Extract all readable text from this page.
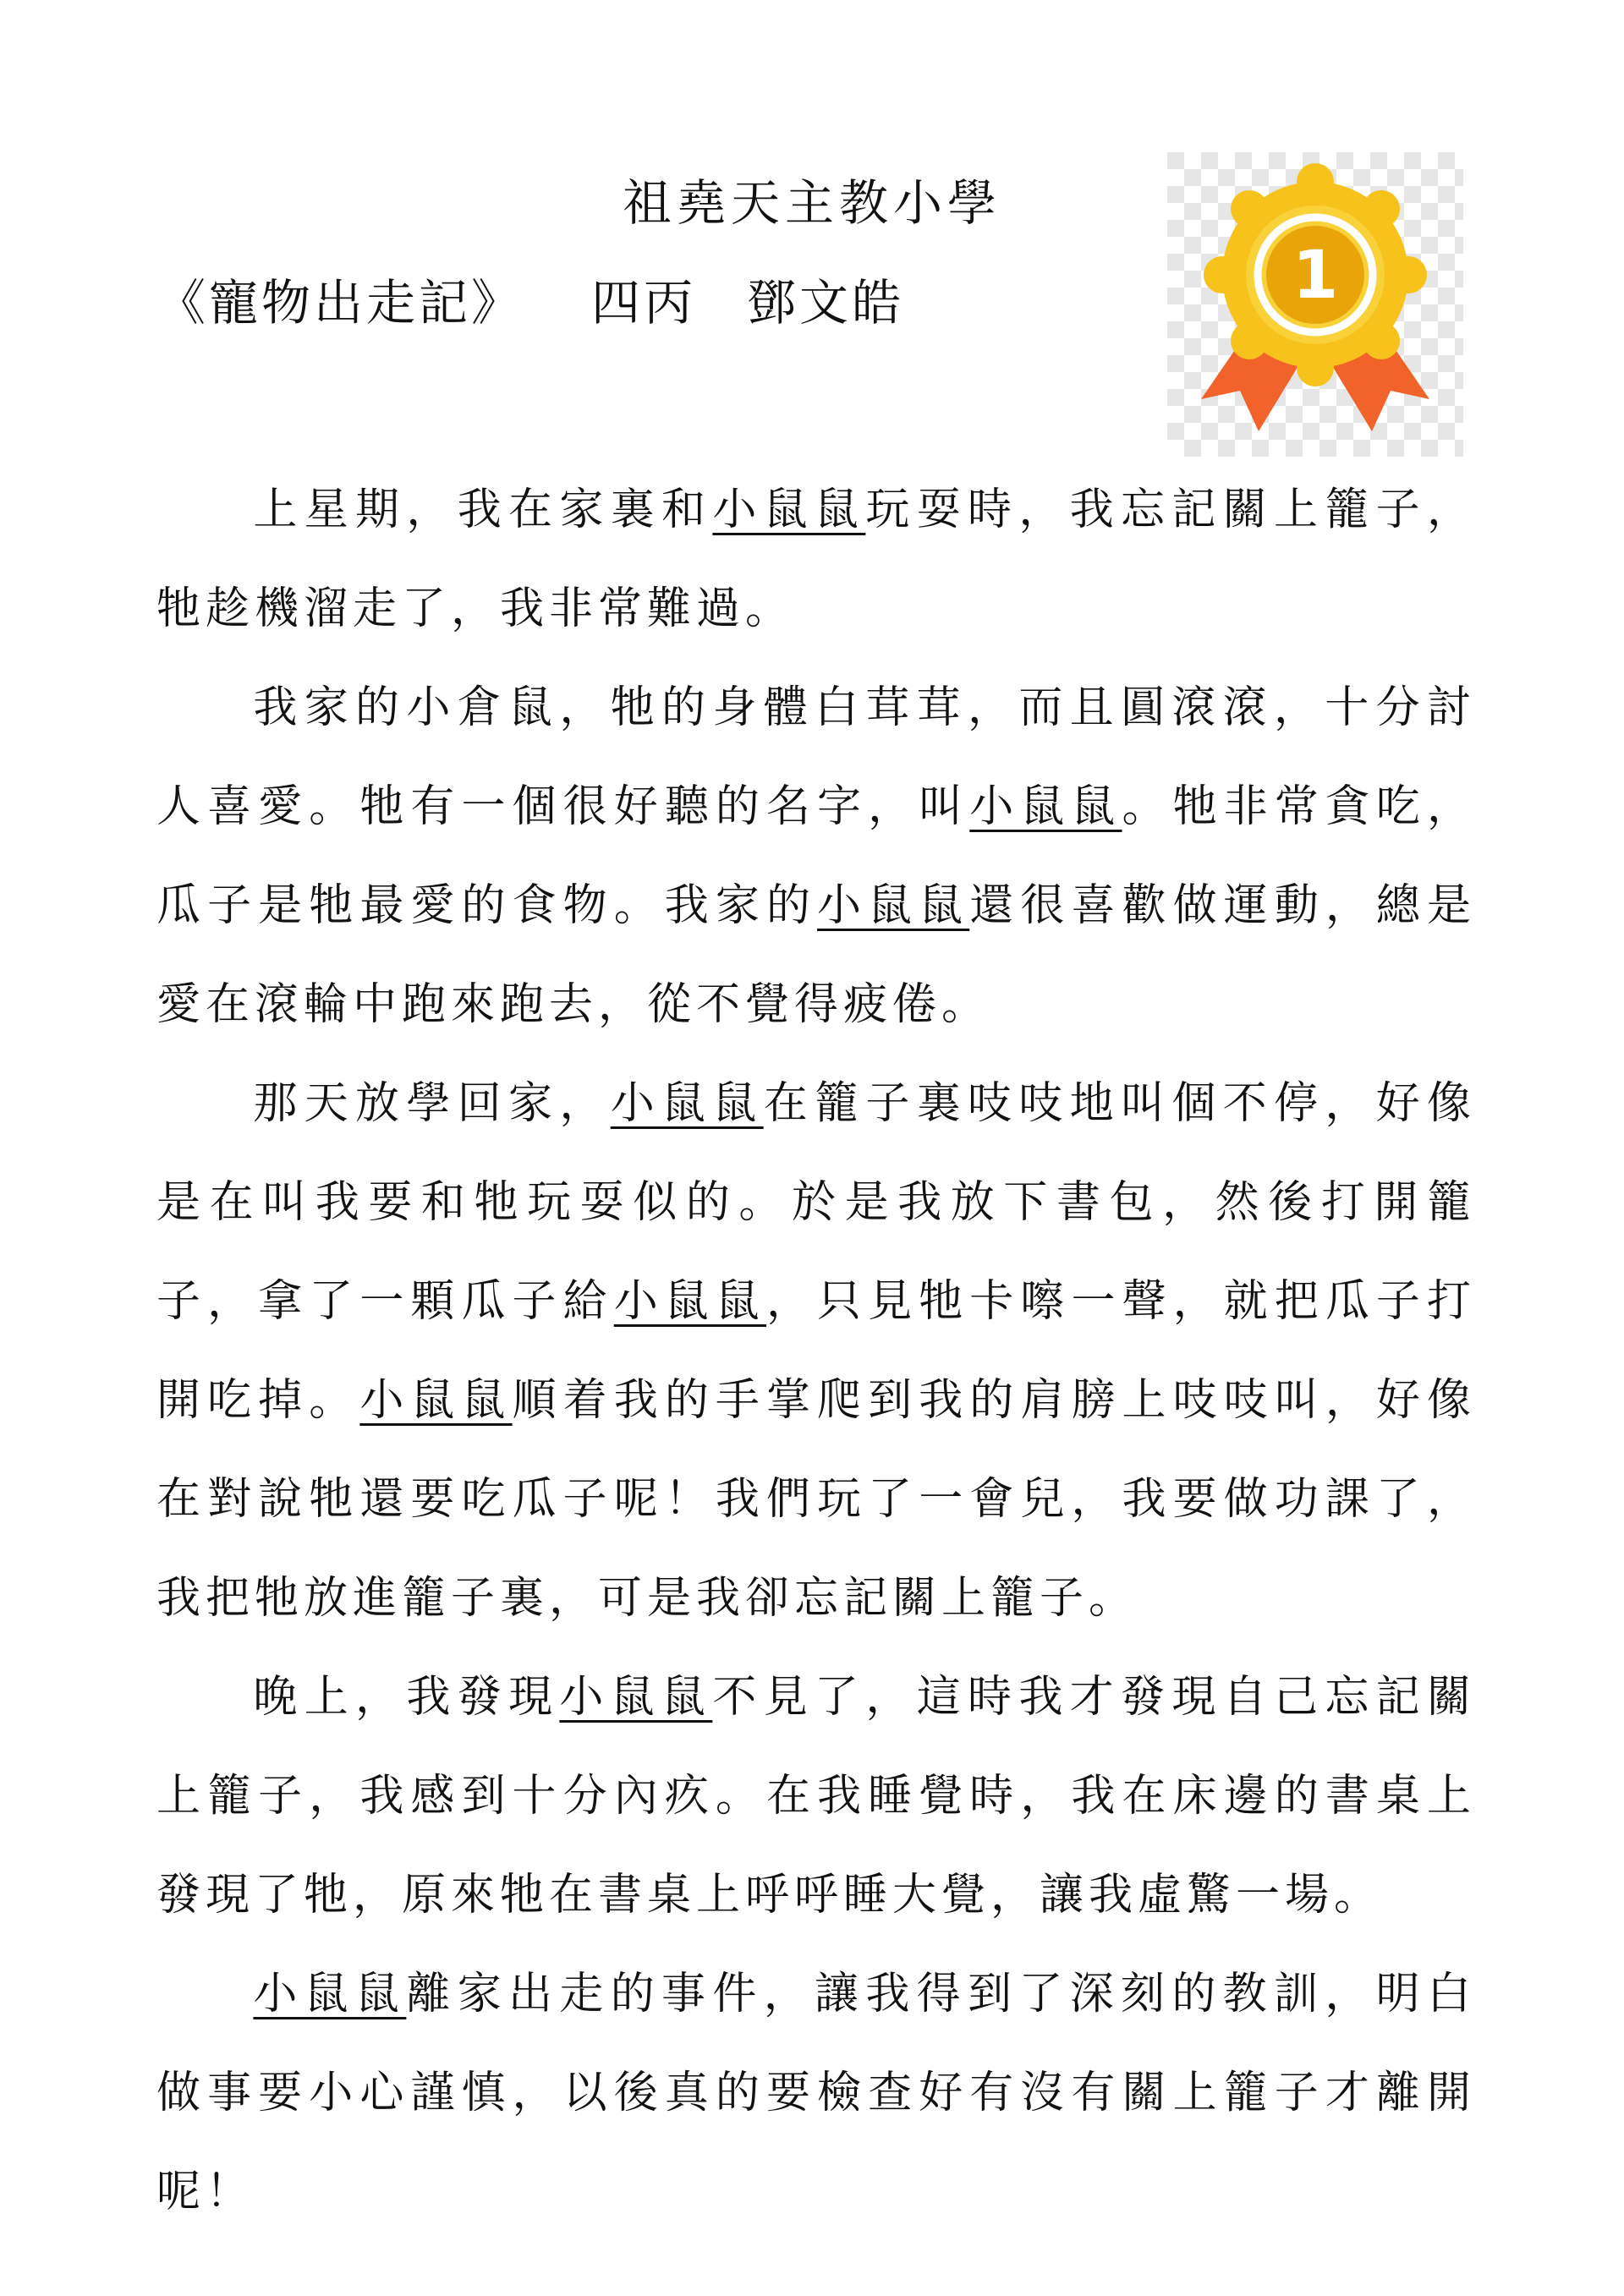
祖堯天主教小學
《寵物出走記》 四丙 鄧文皓	1

上星期，我在家裏和小鼠鼠玩耍時，我忘記關上籠子，牠趁機溜走了，我非常難過。

我家的小倉鼠，牠的身體白茸茸，而且圓滾滾，十分討人喜愛。牠有一個很好聽的名字，叫小鼠鼠。牠非常貪吃，瓜子是牠最愛的食物。我家的小鼠鼠還很喜歡做運動，總是愛在滾輪中跑來跑去，從不覺得疲倦。

那天放學回家，小鼠鼠在籠子裏吱吱地叫個不停，好像是在叫我要和牠玩耍似的。於是我放下書包，然後打開籠子，拿了一顆瓜子給小鼠鼠，只見牠卡嚓一聲，就把瓜子打開吃掉。小鼠鼠順着我的手掌爬到我的肩膀上吱吱叫，好像在對說牠還要吃瓜子呢！我們玩了一會兒，我要做功課了，我把牠放進籠子裏，可是我卻忘記關上籠子。

晚上，我發現小鼠鼠不見了，這時我才發現自己忘記關上籠子，我感到十分內疚。在我睡覺時，我在床邊的書桌上發現了牠，原來牠在書桌上呼呼睡大覺，讓我虛驚一場。

小鼠鼠離家出走的事件，讓我得到了深刻的教訓，明白做事要小心謹慎，以後真的要檢查好有沒有關上籠子才離開呢！
